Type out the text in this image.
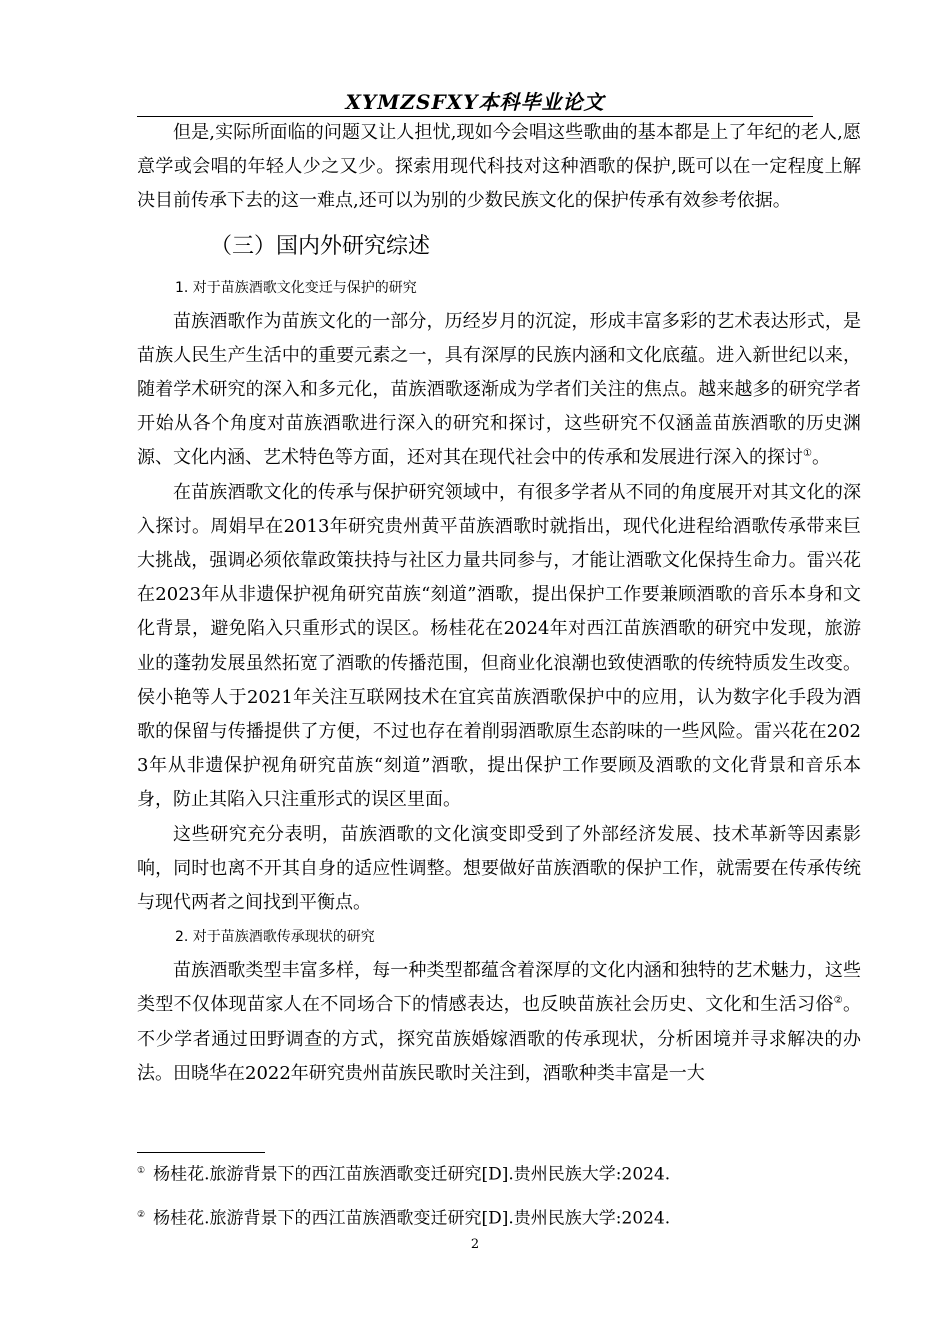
XYMZSFXY本科毕业论文

但是,实际所面临的问题又让人担忧,现如今会唱这些歌曲的基本都是上了年纪的老人,愿意学或会唱的年轻人少之又少。探索用现代科技对这种酒歌的保护,既可以在一定程度上解决目前传承下去的这一难点,还可以为别的少数民族文化的保护传承有效参考依据。

（三）国内外研究综述
1. 对于苗族酒歌文化变迁与保护的研究

苗族酒歌作为苗族文化的一部分，历经岁月的沉淀，形成丰富多彩的艺术表达形式，是苗族人民生产生活中的重要元素之一，具有深厚的民族内涵和文化底蕴。进入新世纪以来，随着学术研究的深入和多元化，苗族酒歌逐渐成为学者们关注的焦点。越来越多的研究学者开始从各个角度对苗族酒歌进行深入的研究和探讨，这些研究不仅涵盖苗族酒歌的历史渊源、文化内涵、艺术特色等方面，还对其在现代社会中的传承和发展进行深入的探讨①。

在苗族酒歌文化的传承与保护研究领域中，有很多学者从不同的角度展开对其文化的深入探讨。周娟早在2013年研究贵州黄平苗族酒歌时就指出，现代化进程给酒歌传承带来巨大挑战，强调必须依靠政策扶持与社区力量共同参与，才能让酒歌文化保持生命力。雷兴花在2023年从非遗保护视角研究苗族“刻道”酒歌，提出保护工作要兼顾酒歌的音乐本身和文化背景，避免陷入只重形式的误区。杨桂花在2024年对西江苗族酒歌的研究中发现，旅游业的蓬勃发展虽然拓宽了酒歌的传播范围，但商业化浪潮也致使酒歌的传统特质发生改变。侯小艳等人于2021年关注互联网技术在宜宾苗族酒歌保护中的应用，认为数字化手段为酒歌的保留与传播提供了方便，不过也存在着削弱酒歌原生态韵味的一些风险。雷兴花在2023年从非遗保护视角研究苗族“刻道”酒歌，提出保护工作要顾及酒歌的文化背景和音乐本身，防止其陷入只注重形式的误区里面。

这些研究充分表明，苗族酒歌的文化演变即受到了外部经济发展、技术革新等因素影响，同时也离不开其自身的适应性调整。想要做好苗族酒歌的保护工作，就需要在传承传统与现代两者之间找到平衡点。

2. 对于苗族酒歌传承现状的研究

苗族酒歌类型丰富多样，每一种类型都蕴含着深厚的文化内涵和独特的艺术魅力，这些类型不仅体现苗家人在不同场合下的情感表达，也反映苗族社会历史、文化和生活习俗②。不少学者通过田野调查的方式，探究苗族婚嫁酒歌的传承现状，分析困境并寻求解决的办法。田晓华在2022年研究贵州苗族民歌时关注到，酒歌种类丰富是一大

① 杨桂花.旅游背景下的西江苗族酒歌变迁研究[D].贵州民族大学:2024.
② 杨桂花.旅游背景下的西江苗族酒歌变迁研究[D].贵州民族大学:2024.
2
